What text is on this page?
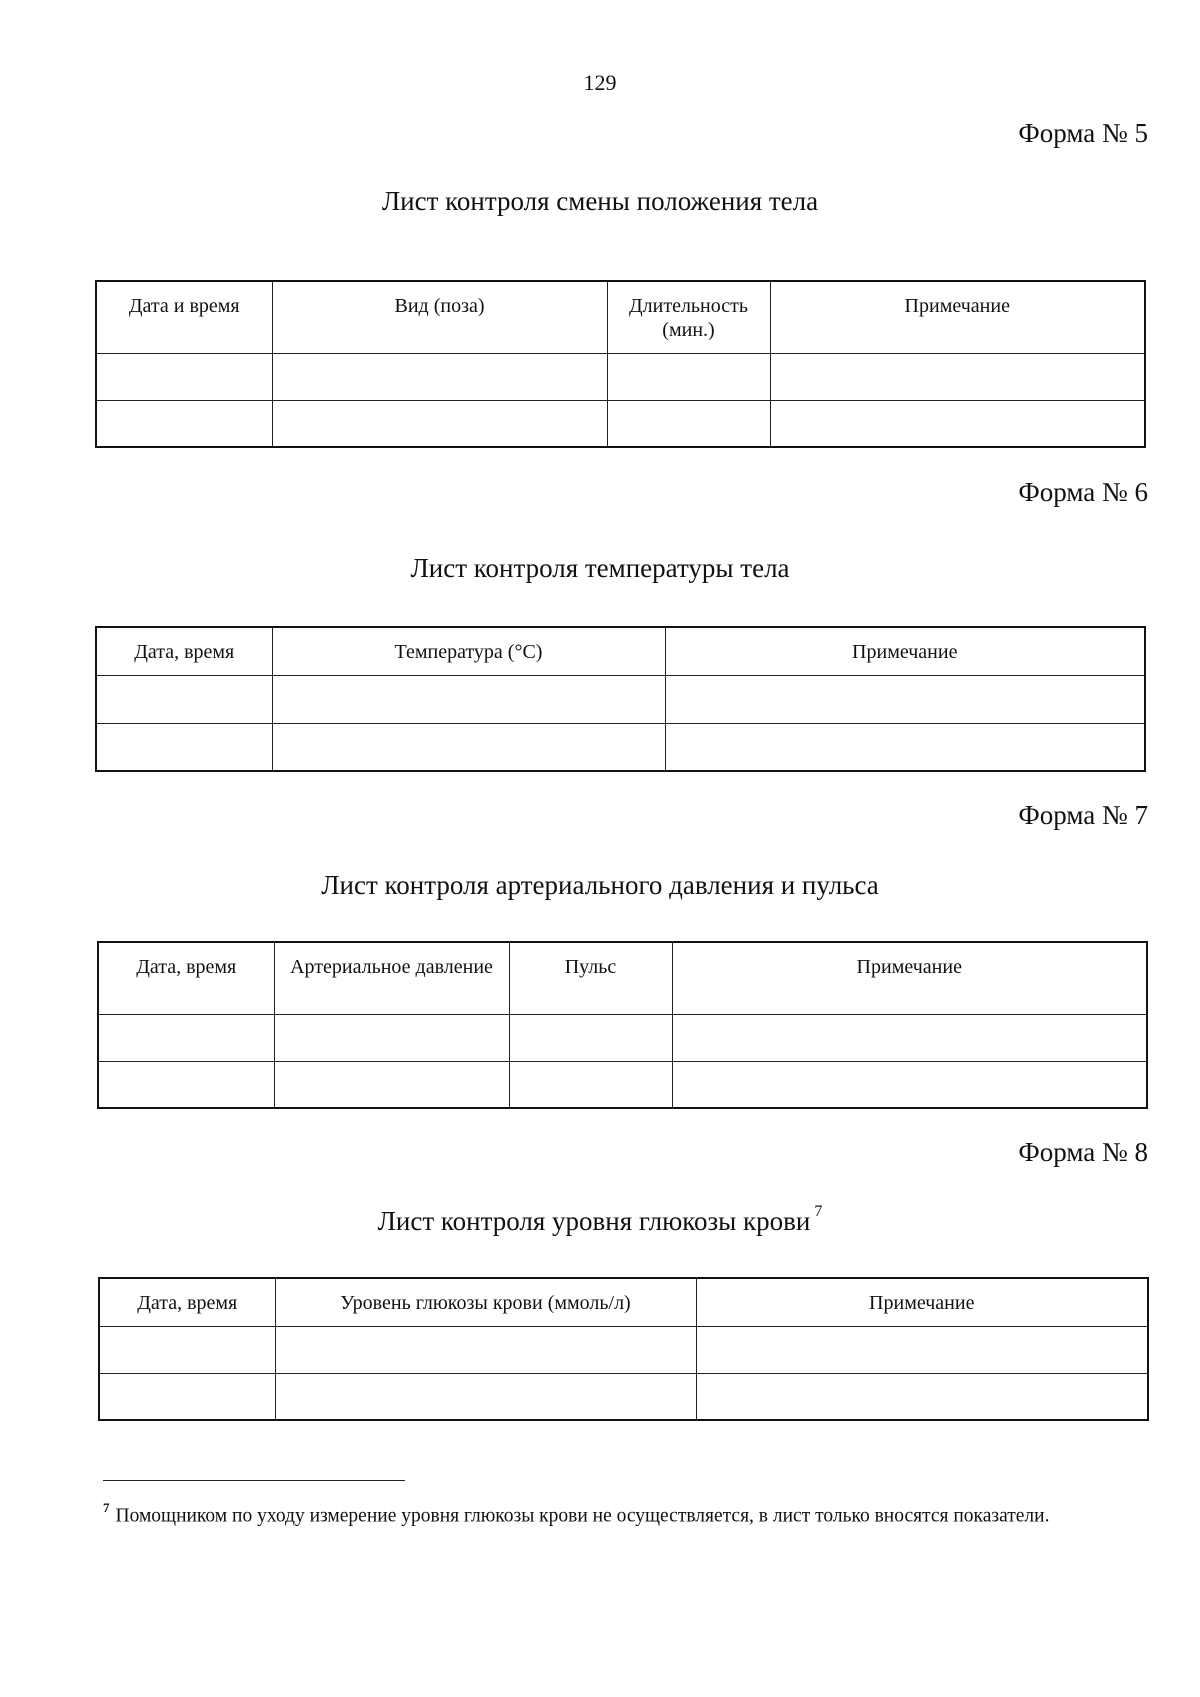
129
Форма № 5
Лист контроля смены положения тела
Дата и время	Вид (поза)	Длительность (мин.)	Примечание

Форма № 6
Лист контроля температуры тела
Дата, время	Температура (°С)	Примечание

Форма № 7
Лист контроля артериального давления и пульса
Дата, время	Артериальное давление	Пульс	Примечание

Форма № 8
Лист контроля уровня глюкозы крови $^7$
Дата, время	Уровень глюкозы крови (ммоль/л)	Примечание

$^7$ Помощником по уходу измерение уровня глюкозы крови не осуществляется, в лист только вносятся показатели.
